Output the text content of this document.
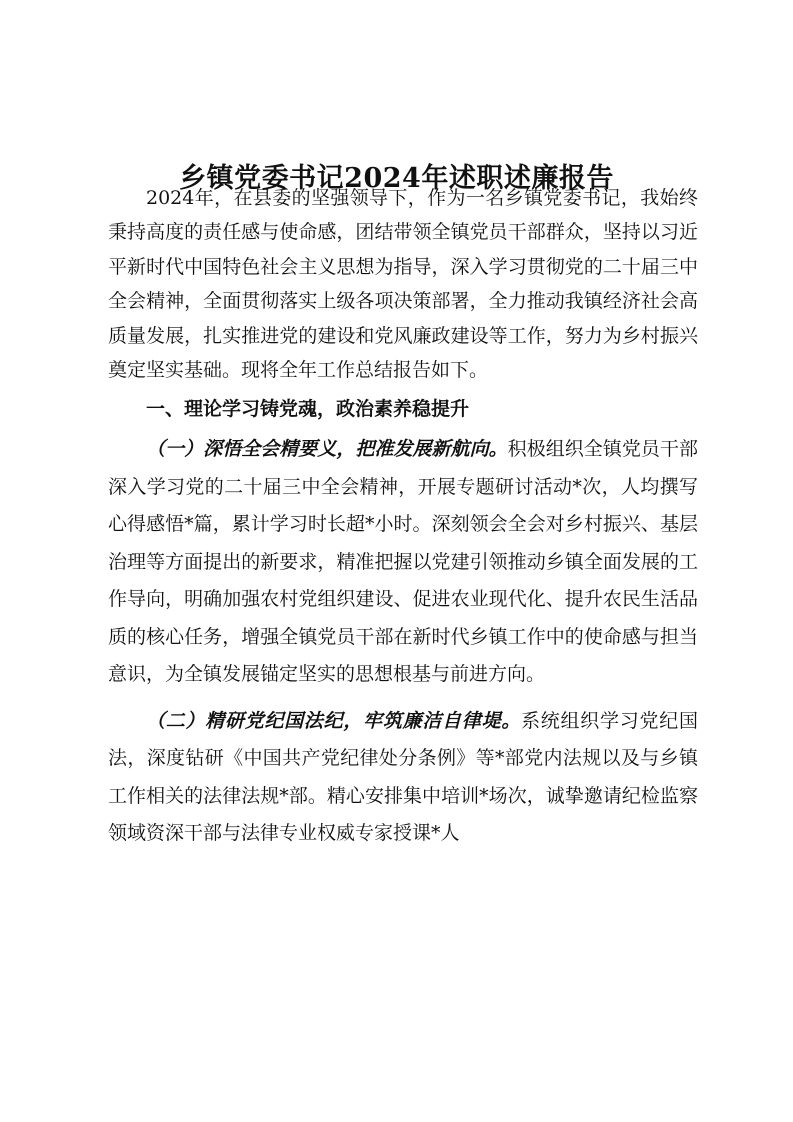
乡镇党委书记2024年述职述廉报告

2024年，在县委的坚强领导下，作为一名乡镇党委书记，我始终秉持高度的责任感与使命感，团结带领全镇党员干部群众，坚持以习近平新时代中国特色社会主义思想为指导，深入学习贯彻党的二十届三中全会精神，全面贯彻落实上级各项决策部署，全力推动我镇经济社会高质量发展，扎实推进党的建设和党风廉政建设等工作，努力为乡村振兴奠定坚实基础。现将全年工作总结报告如下。

一、理论学习铸党魂，政治素养稳提升

（一）深悟全会精要义，把准发展新航向。积极组织全镇党员干部深入学习党的二十届三中全会精神，开展专题研讨活动*次，人均撰写心得感悟*篇，累计学习时长超*小时。深刻领会全会对乡村振兴、基层治理等方面提出的新要求，精准把握以党建引领推动乡镇全面发展的工作导向，明确加强农村党组织建设、促进农业现代化、提升农民生活品质的核心任务，增强全镇党员干部在新时代乡镇工作中的使命感与担当意识，为全镇发展锚定坚实的思想根基与前进方向。

（二）精研党纪国法纪，牢筑廉洁自律堤。系统组织学习党纪国法，深度钻研《中国共产党纪律处分条例》等*部党内法规以及与乡镇工作相关的法律法规*部。精心安排集中培训*场次，诚挚邀请纪检监察领域资深干部与法律专业权威专家授课*人
